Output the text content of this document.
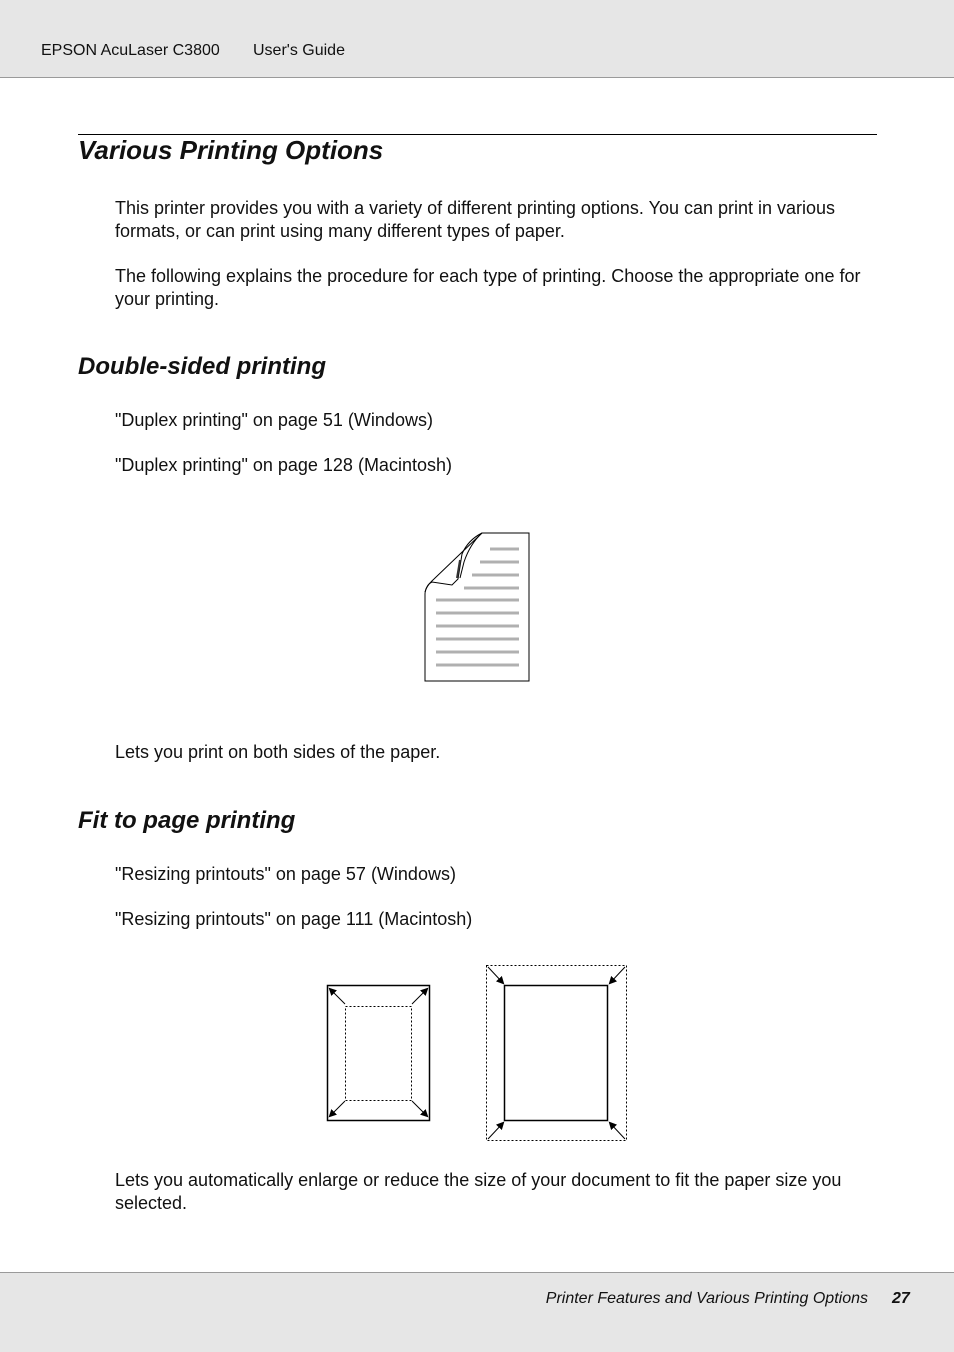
EPSON AcuLaser C3800 User's Guide
Various Printing Options

This printer provides you with a variety of different printing options. You can print in various formats, or can print using many different types of paper.

The following explains the procedure for each type of printing. Choose the appropriate one for your printing.

Double-sided printing

"Duplex printing" on page 51 (Windows)

"Duplex printing" on page 128 (Macintosh)

Lets you print on both sides of the paper.

Fit to page printing

"Resizing printouts" on page 57 (Windows)

"Resizing printouts" on page 111 (Macintosh)

Lets you automatically enlarge or reduce the size of your document to fit the paper size you selected.

Printer Features and Various Printing Options 27
